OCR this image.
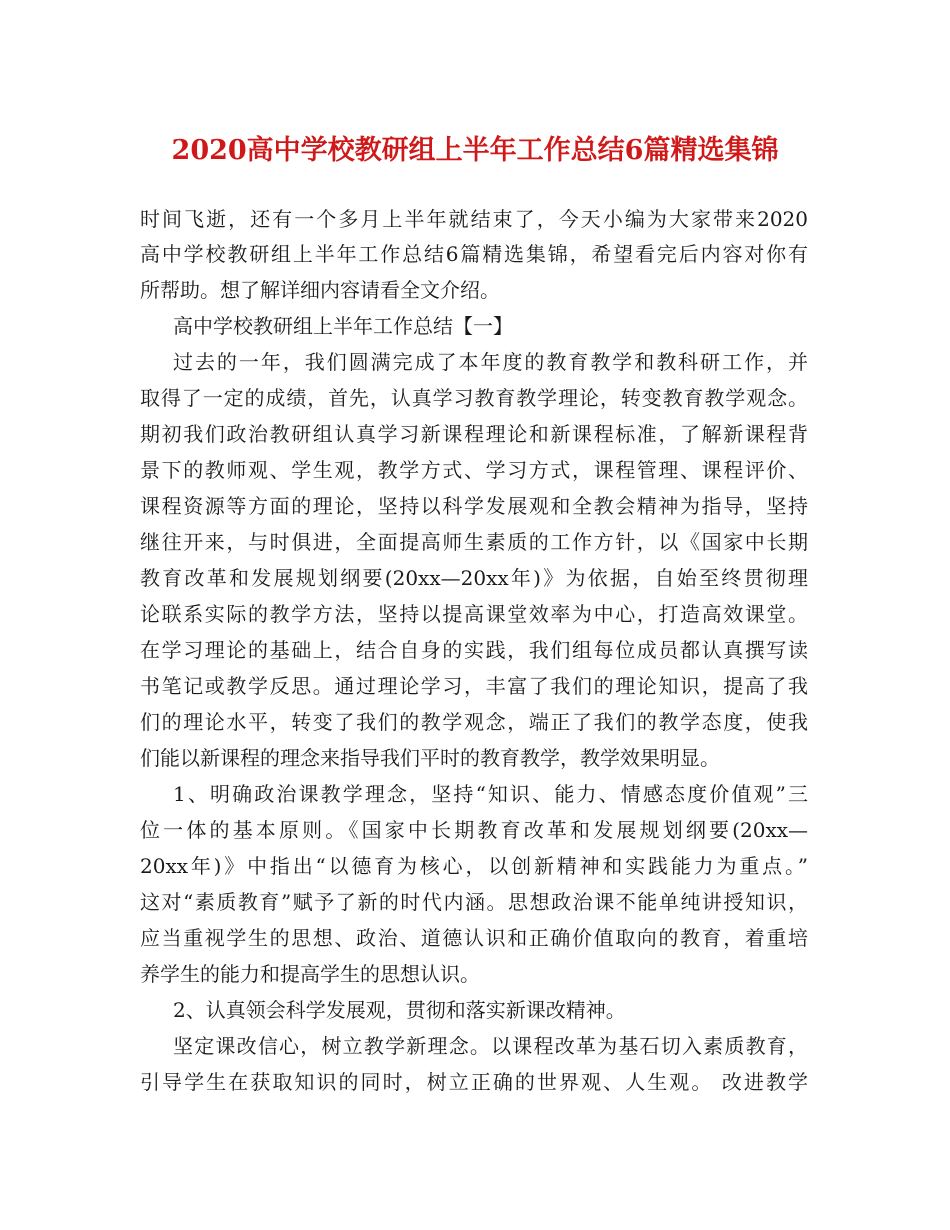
2020高中学校教研组上半年工作总结6篇精选集锦
时间飞逝，还有一个多月上半年就结束了，今天小编为大家带来2020
高中学校教研组上半年工作总结6篇精选集锦，希望看完后内容对你有
所帮助。想了解详细内容请看全文介绍。
高中学校教研组上半年工作总结【一】
过去的一年，我们圆满完成了本年度的教育教学和教科研工作，并
取得了一定的成绩，首先，认真学习教育教学理论，转变教育教学观念。
期初我们政治教研组认真学习新课程理论和新课程标准，了解新课程背
景下的教师观、学生观，教学方式、学习方式，课程管理、课程评价、
课程资源等方面的理论，坚持以科学发展观和全教会精神为指导，坚持
继往开来，与时俱进，全面提高师生素质的工作方针，以《国家中长期
教育改革和发展规划纲要(20xx—20xx年)》为依据，自始至终贯彻理
论联系实际的教学方法，坚持以提高课堂效率为中心，打造高效课堂。
在学习理论的基础上，结合自身的实践，我们组每位成员都认真撰写读
书笔记或教学反思。通过理论学习，丰富了我们的理论知识，提高了我
们的理论水平，转变了我们的教学观念，端正了我们的教学态度，使我
们能以新课程的理念来指导我们平时的教育教学，教学效果明显。
1、明确政治课教学理念，坚持“知识、能力、情感态度价值观”三
位一体的基本原则。《国家中长期教育改革和发展规划纲要(20xx—
20xx年)》中指出“以德育为核心，以创新精神和实践能力为重点。”
这对“素质教育”赋予了新的时代内涵。思想政治课不能单纯讲授知识，
应当重视学生的思想、政治、道德认识和正确价值取向的教育，着重培
养学生的能力和提高学生的思想认识。
2、认真领会科学发展观，贯彻和落实新课改精神。
坚定课改信心，树立教学新理念。以课程改革为基石切入素质教育，
引导学生在获取知识的同时，树立正确的世界观、人生观。 改进教学
